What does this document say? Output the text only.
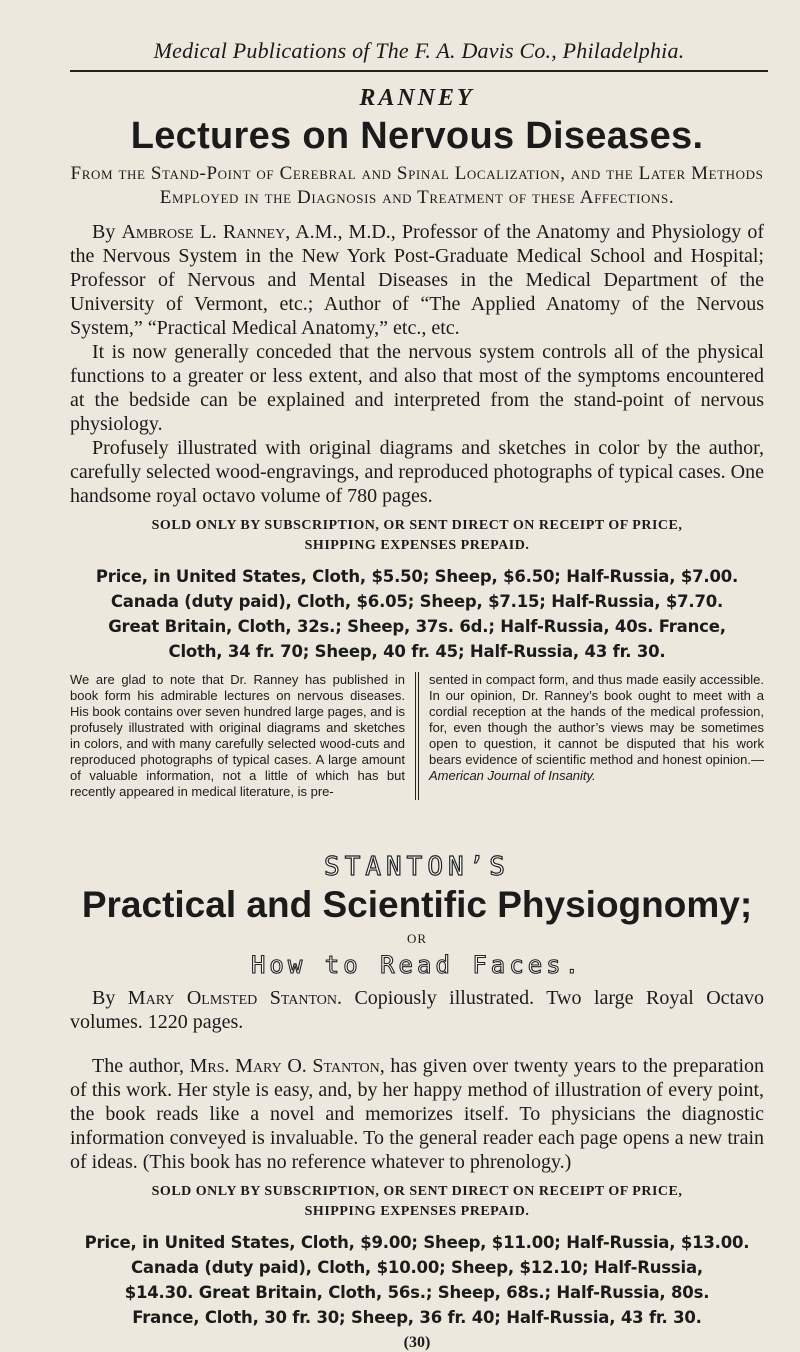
Medical Publications of The F. A. Davis Co., Philadelphia.
RANNEY
Lectures on Nervous Diseases.
From the Stand-Point of Cerebral and Spinal Localization, and the Later Methods Employed in the Diagnosis and Treatment of these Affections.

By Ambrose L. Ranney, A.M., M.D., Professor of the Anatomy and Physiology of the Nervous System in the New York Post-Graduate Medical School and Hospital; Professor of Nervous and Mental Diseases in the Medical Department of the University of Vermont, etc.; Author of “The Applied Anatomy of the Nervous System,” “Practical Medical Anatomy,” etc., etc.

It is now generally conceded that the nervous system controls all of the physical functions to a greater or less extent, and also that most of the symptoms encountered at the bedside can be explained and interpreted from the stand-point of nervous physiology.

Profusely illustrated with original diagrams and sketches in color by the author, carefully selected wood-engravings, and reproduced photographs of typical cases. One handsome royal octavo volume of 780 pages.

SOLD ONLY BY SUBSCRIPTION, OR SENT DIRECT ON RECEIPT OF PRICE,
SHIPPING EXPENSES PREPAID.
Price, in United States, Cloth, $5.50; Sheep, $6.50; Half-Russia, $7.00.
Canada (duty paid), Cloth, $6.05; Sheep, $7.15; Half-Russia, $7.70.
Great Britain, Cloth, 32s.; Sheep, 37s. 6d.; Half-Russia, 40s. France,
Cloth, 34 fr. 70; Sheep, 40 fr. 45; Half-Russia, 43 fr. 30.
We are glad to note that Dr. Ranney has published in book form his admirable lectures on nervous diseases. His book contains over seven hundred large pages, and is profusely illustrated with original diagrams and sketches in colors, and with many carefully selected wood-cuts and reproduced photographs of typical cases. A large amount of valuable information, not a little of which has but recently appeared in medical literature, is pre-
sented in compact form, and thus made easily accessible. In our opinion, Dr. Ranney’s book ought to meet with a cordial reception at the hands of the medical profession, for, even though the author’s views may be sometimes open to question, it cannot be disputed that his work bears evidence of scientific method and honest opinion.—American Journal of Insanity.
STANTON’S
Practical and Scientific Physiognomy;
OR
How to Read Faces.

By Mary Olmsted Stanton. Copiously illustrated. Two large Royal Octavo volumes. 1220 pages.

The author, Mrs. Mary O. Stanton, has given over twenty years to the preparation of this work. Her style is easy, and, by her happy method of illustration of every point, the book reads like a novel and memorizes itself. To physicians the diagnostic information conveyed is invaluable. To the general reader each page opens a new train of ideas. (This book has no reference whatever to phrenology.)

SOLD ONLY BY SUBSCRIPTION, OR SENT DIRECT ON RECEIPT OF PRICE,
SHIPPING EXPENSES PREPAID.
Price, in United States, Cloth, $9.00; Sheep, $11.00; Half-Russia, $13.00.
Canada (duty paid), Cloth, $10.00; Sheep, $12.10; Half-Russia,
$14.30. Great Britain, Cloth, 56s.; Sheep, 68s.; Half-Russia, 80s.
France, Cloth, 30 fr. 30; Sheep, 36 fr. 40; Half-Russia, 43 fr. 30.
(30)
